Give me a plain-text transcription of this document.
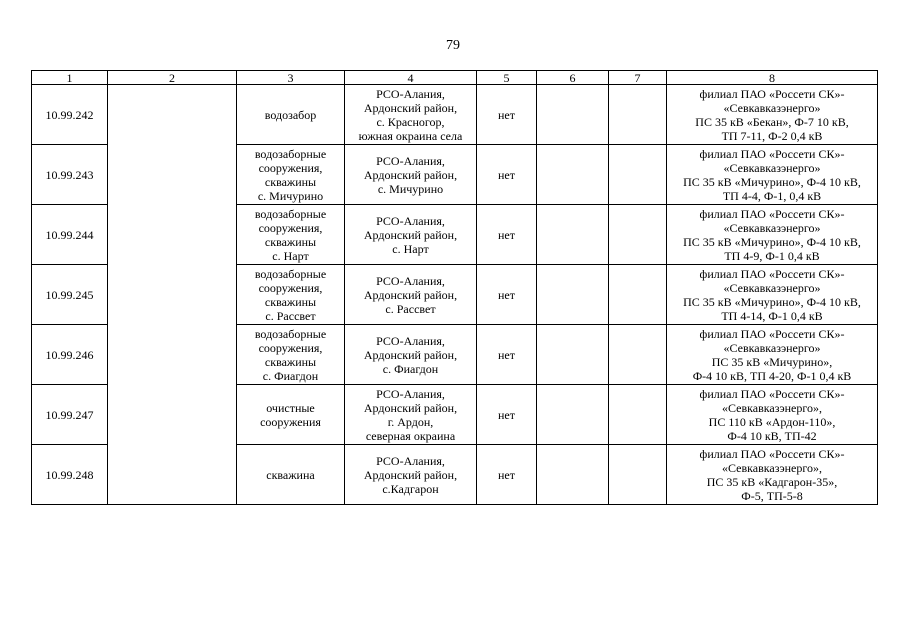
79
1	2	3	4	5	6	7	8
10.99.242		водозабор	РСО-Алания,
Ардонский район,
с. Красногор,
южная окраина села	нет			филиал ПАО «Россети СК»-
«Севкавказэнерго»
ПС 35 кВ «Бекан», Ф-7 10 кВ,
ТП 7-11, Ф-2 0,4 кВ

10.99.243		водозаборные
сооружения,
скважины
с. Мичурино	РСО-Алания,
Ардонский район,
с. Мичурино	нет			филиал ПАО «Россети СК»-
«Севкавказэнерго»
ПС 35 кВ «Мичурино», Ф-4 10 кВ,
ТП 4-4, Ф-1, 0,4 кВ

10.99.244		водозаборные
сооружения,
скважины
с. Нарт	РСО-Алания,
Ардонский район,
с. Нарт	нет			филиал ПАО «Россети СК»-
«Севкавказэнерго»
ПС 35 кВ «Мичурино», Ф-4 10 кВ,
ТП 4-9, Ф-1 0,4 кВ

10.99.245		водозаборные
сооружения,
скважины
с. Рассвет	РСО-Алания,
Ардонский район,
с. Рассвет	нет			филиал ПАО «Россети СК»-
«Севкавказэнерго»
ПС 35 кВ «Мичурино», Ф-4 10 кВ,
ТП 4-14, Ф-1 0,4 кВ

10.99.246		водозаборные
сооружения,
скважины
с. Фиагдон	РСО-Алания,
Ардонский район,
с. Фиагдон	нет			филиал ПАО «Россети СК»-
«Севкавказэнерго»
ПС 35 кВ «Мичурино»,
Ф-4 10 кВ, ТП 4-20, Ф-1 0,4 кВ

10.99.247		очистные
сооружения	РСО-Алания,
Ардонский район,
г. Ардон,
северная окраина	нет			филиал ПАО «Россети СК»-
«Севкавказэнерго»,
ПС 110 кВ «Ардон-110»,
Ф-4 10 кВ, ТП-42

10.99.248		скважина	РСО-Алания,
Ардонский район,
с.Кадгарон	нет			филиал ПАО «Россети СК»-
«Севкавказэнерго»,
ПС 35 кВ «Кадгарон-35»,
Ф-5, ТП-5-8
